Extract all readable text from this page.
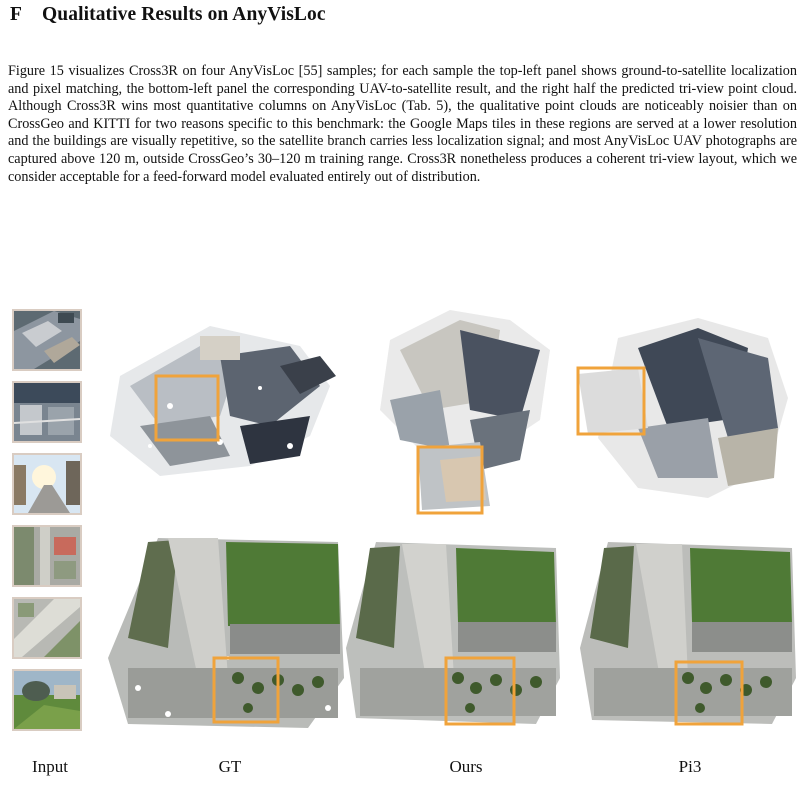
F Qualitative Results on AnyVisLoc

Figure 15 visualizes Cross3R on four AnyVisLoc [55] samples; for each sample the top-left panel shows ground-to-satellite localization and pixel matching, the bottom-left panel the corresponding UAV-to-satellite result, and the right half the predicted tri-view point cloud. Although Cross3R wins most quantitative columns on AnyVisLoc (Tab. 5), the qualitative point clouds are noticeably noisier than on CrossGeo and KITTI for two reasons specific to this benchmark: the Google Maps tiles in these regions are served at a lower resolution and the buildings are visually repetitive, so the satellite branch carries less localization signal; and most AnyVisLoc UAV photographs are captured above 120 m, outside CrossGeo’s 30–120 m training range. Cross3R nonetheless produces a coherent tri-view layout, which we consider acceptable for a feed-forward model evaluated entirely out of distribution.

Input	GT	Ours	Pi3
